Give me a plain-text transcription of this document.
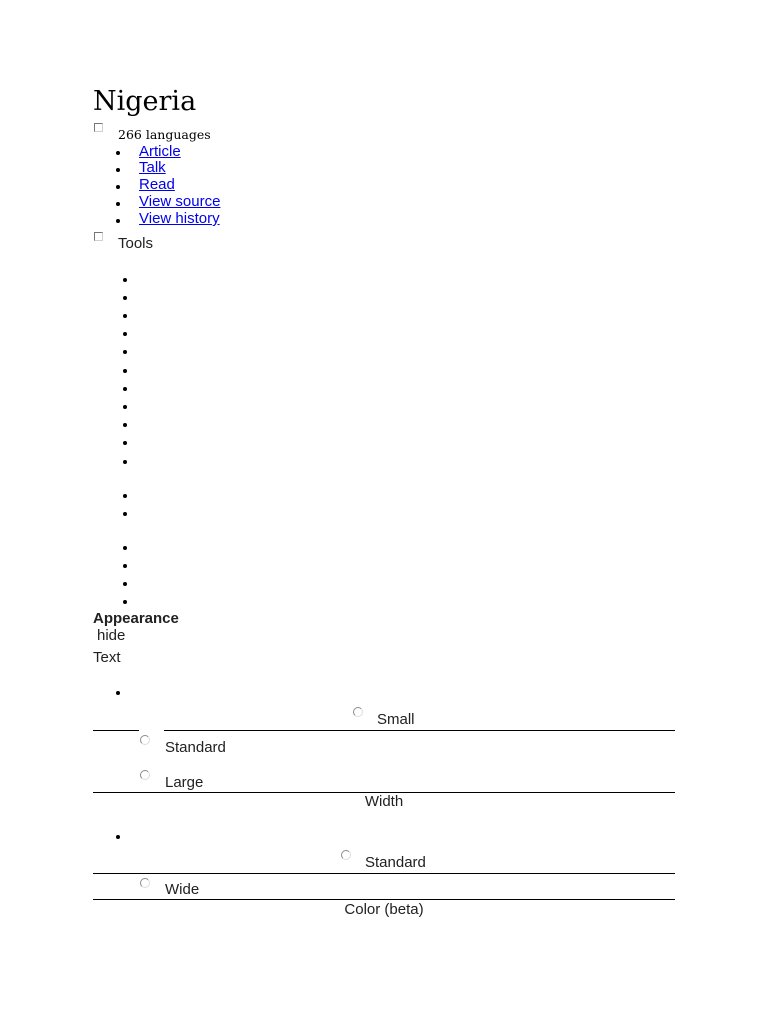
Nigeria
266 languages
Article
Talk
Read
View source
View history
Tools
Appearance
hide
Text
Small
Standard
Large
Width
Standard
Wide
Color (beta)
